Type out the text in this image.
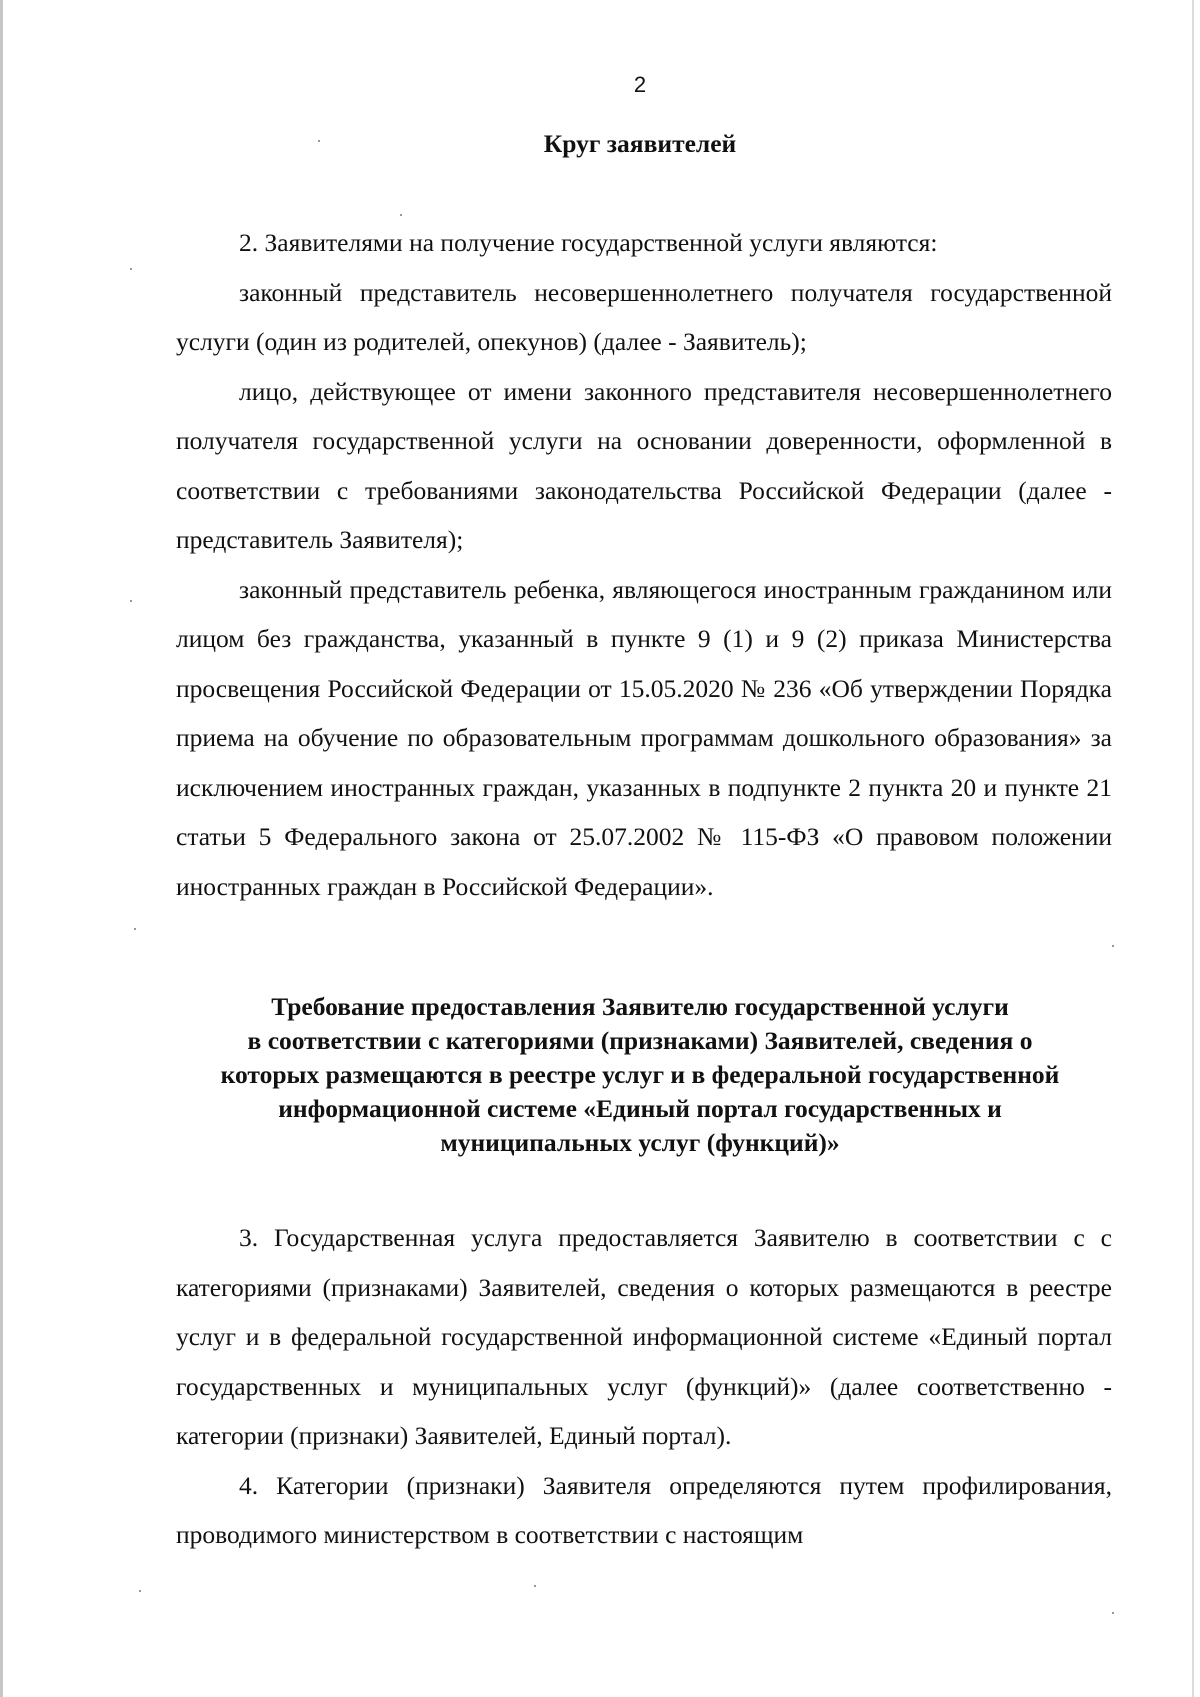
2
Круг заявителей

2. Заявителями на получение государственной услуги являются:

законный представитель несовершеннолетнего получателя государственной услуги (один из родителей, опекунов) (далее - Заявитель);

лицо, действующее от имени законного представителя несовершеннолетнего получателя государственной услуги на основании доверенности, оформленной в соответствии с требованиями законодательства Российской Федерации (далее - представитель Заявителя);

законный представитель ребенка, являющегося иностранным гражданином или лицом без гражданства, указанный в пункте 9 (1) и 9 (2) приказа Министерства просвещения Российской Федерации от 15.05.2020 № 236 «Об утверждении Порядка приема на обучение по образовательным программам дошкольного образования» за исключением иностранных граждан, указанных в подпункте 2 пункта 20 и пункте 21 статьи 5 Федерального закона от 25.07.2002 № 115-ФЗ «О правовом положении иностранных граждан в Российской Федерации».

Требование предоставления Заявителю государственной услуги
в соответствии с категориями (признаками) Заявителей, сведения о
которых размещаются в реестре услуг и в федеральной государственной
информационной системе «Единый портал государственных и
муниципальных услуг (функций)»

3. Государственная услуга предоставляется Заявителю в соответствии с с категориями (признаками) Заявителей, сведения о которых размещаются в реестре услуг и в федеральной государственной информационной системе «Единый портал государственных и муниципальных услуг (функций)» (далее соответственно - категории (признаки) Заявителей, Единый портал).

4. Категории (признаки) Заявителя определяются путем профилирования, проводимого министерством в соответствии с настоящим
